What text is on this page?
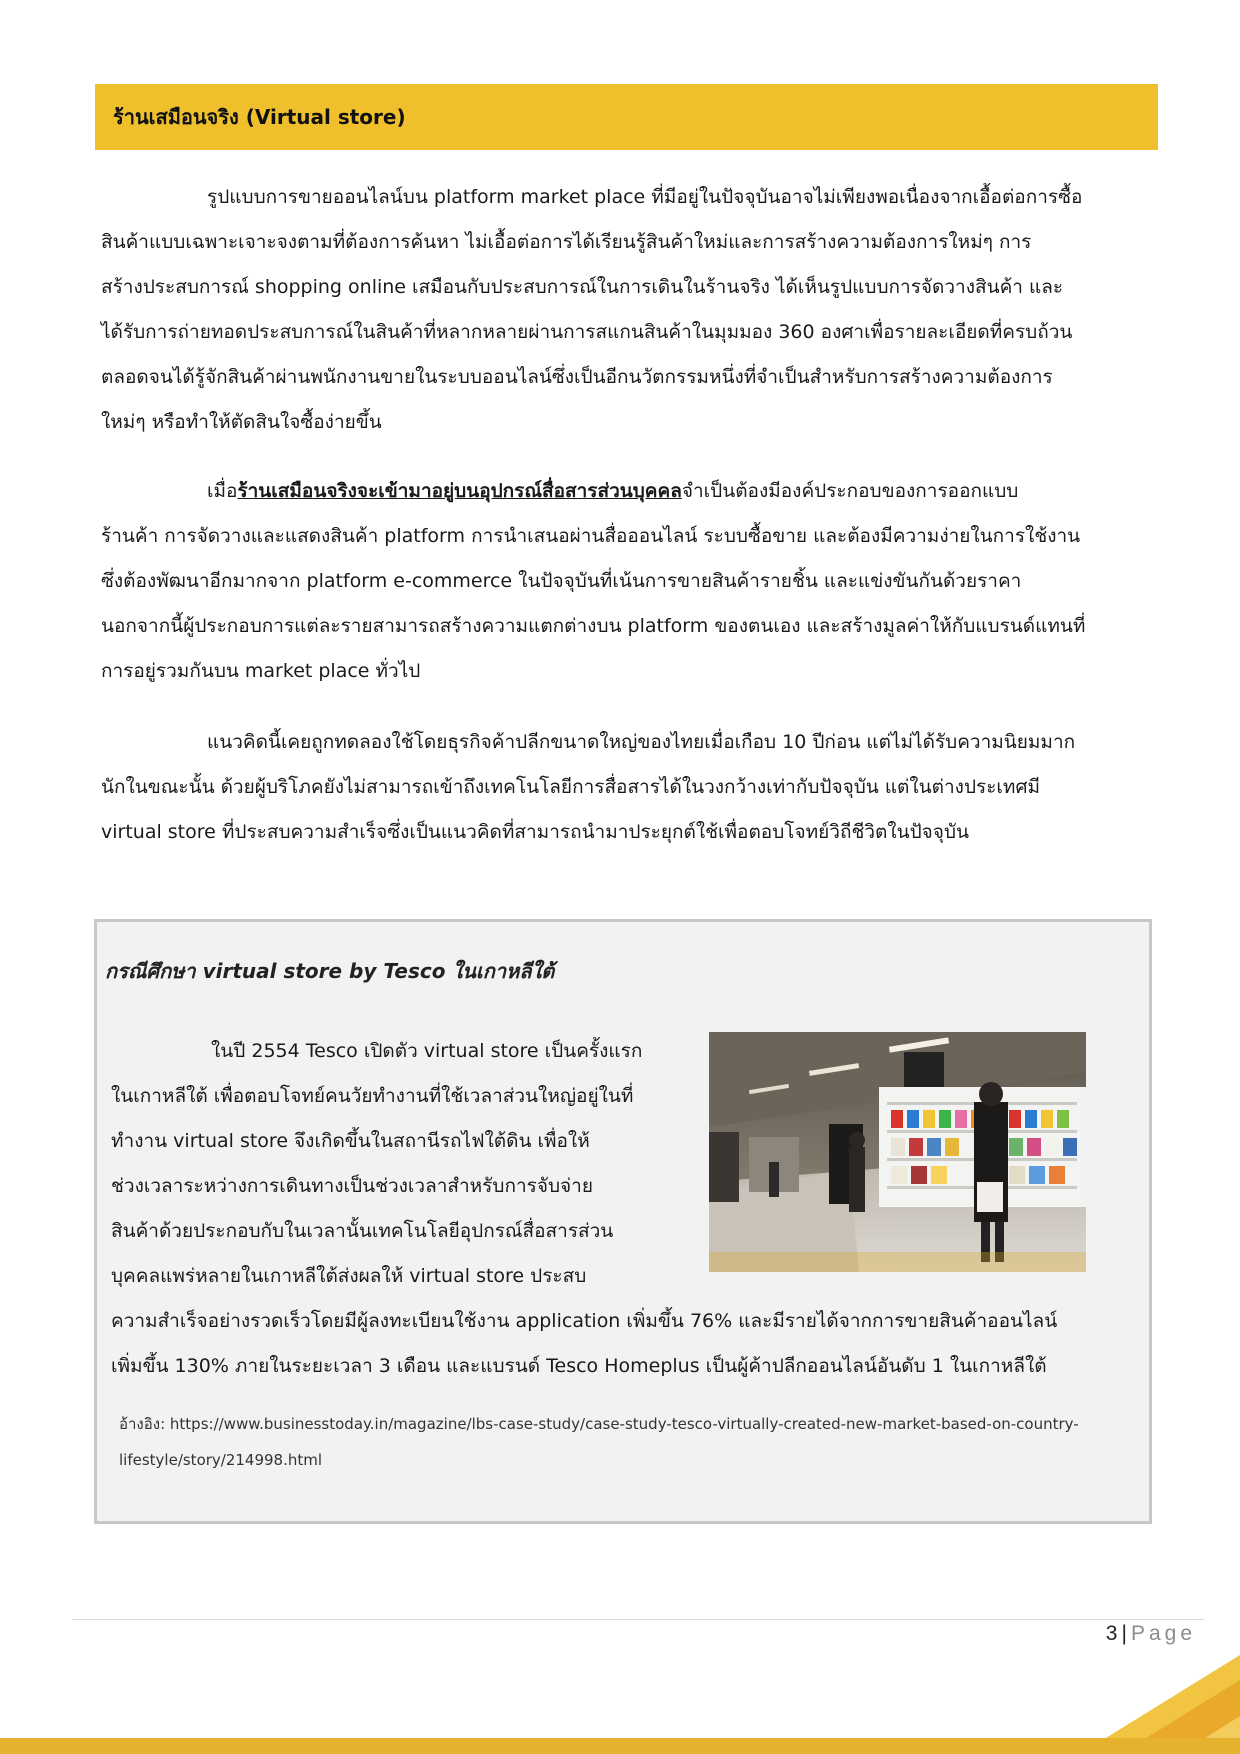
ร้านเสมือนจริง (Virtual store)

รูปแบบการขายออนไลน์บน platform market place ที่มีอยู่ในปัจจุบันอาจไม่เพียงพอเนื่องจากเอื้อต่อการซื้อ
สินค้าแบบเฉพาะเจาะจงตามที่ต้องการค้นหา ไม่เอื้อต่อการได้เรียนรู้สินค้าใหม่และการสร้างความต้องการใหม่ๆ การ
สร้างประสบการณ์ shopping online เสมือนกับประสบการณ์ในการเดินในร้านจริง ได้เห็นรูปแบบการจัดวางสินค้า และ
ได้รับการถ่ายทอดประสบการณ์ในสินค้าที่หลากหลายผ่านการสแกนสินค้าในมุมมอง 360 องศาเพื่อรายละเอียดที่ครบถ้วน
ตลอดจนได้รู้จักสินค้าผ่านพนักงานขายในระบบออนไลน์ซึ่งเป็นอีกนวัตกรรมหนึ่งที่จำเป็นสำหรับการสร้างความต้องการ
ใหม่ๆ หรือทำให้ตัดสินใจซื้อง่ายขึ้น

เมื่อร้านเสมือนจริงจะเข้ามาอยู่บนอุปกรณ์สื่อสารส่วนบุคคลจำเป็นต้องมีองค์ประกอบของการออกแบบ
ร้านค้า การจัดวางและแสดงสินค้า platform การนำเสนอผ่านสื่อออนไลน์ ระบบซื้อขาย และต้องมีความง่ายในการใช้งาน
ซึ่งต้องพัฒนาอีกมากจาก platform e-commerce ในปัจจุบันที่เน้นการขายสินค้ารายชิ้น และแข่งขันกันด้วยราคา
นอกจากนี้ผู้ประกอบการแต่ละรายสามารถสร้างความแตกต่างบน platform ของตนเอง และสร้างมูลค่าให้กับแบรนด์แทนที่
การอยู่รวมกันบน market place ทั่วไป

แนวคิดนี้เคยถูกทดลองใช้โดยธุรกิจค้าปลีกขนาดใหญ่ของไทยเมื่อเกือบ 10 ปีก่อน แต่ไม่ได้รับความนิยมมาก
นักในขณะนั้น ด้วยผู้บริโภคยังไม่สามารถเข้าถึงเทคโนโลยีการสื่อสารได้ในวงกว้างเท่ากับปัจจุบัน แต่ในต่างประเทศมี
virtual store ที่ประสบความสำเร็จซึ่งเป็นแนวคิดที่สามารถนำมาประยุกต์ใช้เพื่อตอบโจทย์วิถีชีวิตในปัจจุบัน

กรณีศึกษา virtual store by Tesco ในเกาหลีใต้

ในปี 2554 Tesco เปิดตัว virtual store เป็นครั้งแรก
ในเกาหลีใต้ เพื่อตอบโจทย์คนวัยทำงานที่ใช้เวลาส่วนใหญ่อยู่ในที่
ทำงาน virtual store จึงเกิดขึ้นในสถานีรถไฟใต้ดิน เพื่อให้
ช่วงเวลาระหว่างการเดินทางเป็นช่วงเวลาสำหรับการจับจ่าย
สินค้าด้วยประกอบกับในเวลานั้นเทคโนโลยีอุปกรณ์สื่อสารส่วน
บุคคลแพร่หลายในเกาหลีใต้ส่งผลให้ virtual store ประสบ
ความสำเร็จอย่างรวดเร็วโดยมีผู้ลงทะเบียนใช้งาน application เพิ่มขึ้น 76% และมีรายได้จากการขายสินค้าออนไลน์
เพิ่มขึ้น 130% ภายในระยะเวลา 3 เดือน และแบรนด์ Tesco Homeplus เป็นผู้ค้าปลีกออนไลน์อันดับ 1 ในเกาหลีใต้

อ้างอิง: https://www.businesstoday.in/magazine/lbs-case-study/case-study-tesco-virtually-created-new-market-based-on-country-
lifestyle/story/214998.html

3 | Page
